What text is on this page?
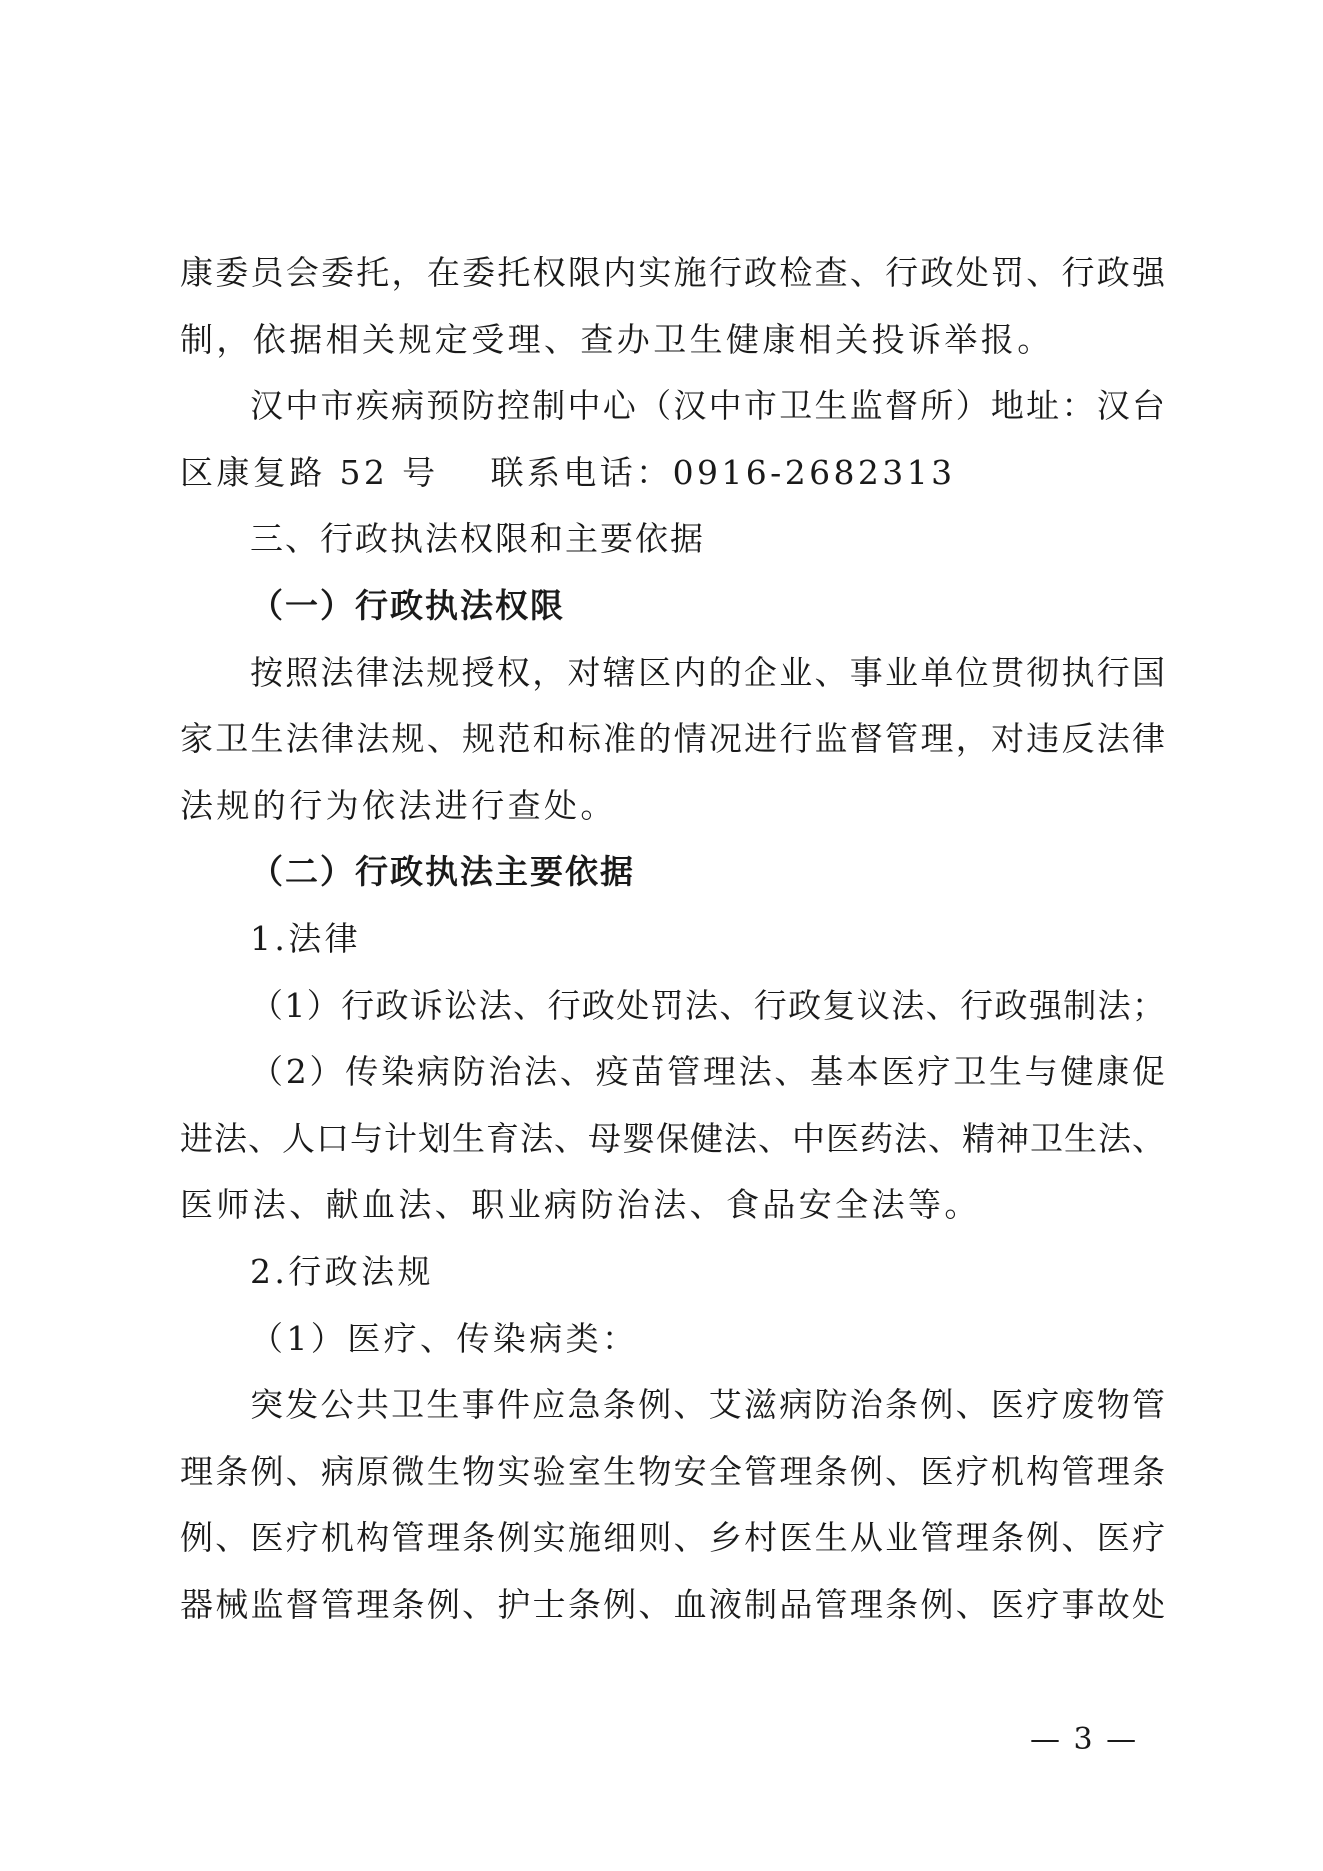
康委员会委托，在委托权限内实施行政检查、行政处罚、行政强
制，依据相关规定受理、查办卫生健康相关投诉举报。
汉中市疾病预防控制中心（汉中市卫生监督所）地址：汉台
区康复路 52 号 联系电话：0916-2682313
三、行政执法权限和主要依据
（一）行政执法权限
按照法律法规授权，对辖区内的企业、事业单位贯彻执行国
家卫生法律法规、规范和标准的情况进行监督管理，对违反法律
法规的行为依法进行查处。
（二）行政执法主要依据
1.法律
（1）行政诉讼法、行政处罚法、行政复议法、行政强制法；
（2）传染病防治法、疫苗管理法、基本医疗卫生与健康促
进法、人口与计划生育法、母婴保健法、中医药法、精神卫生法、
医师法、献血法、职业病防治法、食品安全法等。
2.行政法规
（1）医疗、传染病类：
突发公共卫生事件应急条例、艾滋病防治条例、医疗废物管
理条例、病原微生物实验室生物安全管理条例、医疗机构管理条
例、医疗机构管理条例实施细则、乡村医生从业管理条例、医疗
器械监督管理条例、护士条例、血液制品管理条例、医疗事故处
— 3 —
